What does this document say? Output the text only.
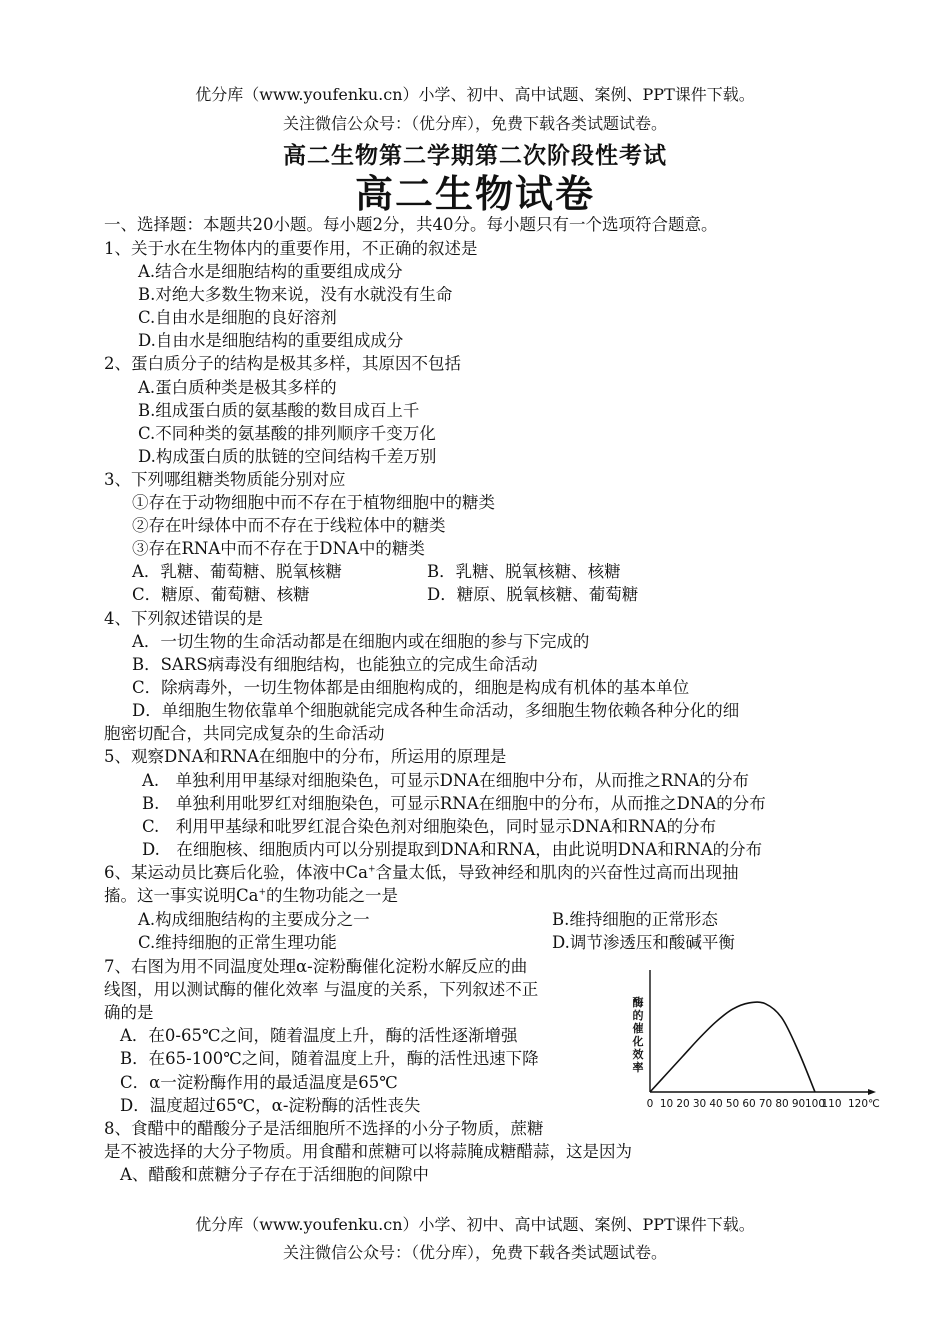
优分库（www.youfenku.cn）小学、初中、高中试题、案例、PPT课件下载。
关注微信公众号：（优分库），免费下载各类试题试卷。
高二生物第二学期第二次阶段性考试
高二生物试卷
一、选择题：本题共20小题。每小题2分，共40分。每小题只有一个选项符合题意。
1、关于水在生物体内的重要作用，不正确的叙述是
A.结合水是细胞结构的重要组成成分
B.对绝大多数生物来说，没有水就没有生命
C.自由水是细胞的良好溶剂
D.自由水是细胞结构的重要组成成分
2、蛋白质分子的结构是极其多样，其原因不包括
A.蛋白质种类是极其多样的
B.组成蛋白质的氨基酸的数目成百上千
C.不同种类的氨基酸的排列顺序千变万化
D.构成蛋白质的肽链的空间结构千差万别
3、下列哪组糖类物质能分别对应
①存在于动物细胞中而不存在于植物细胞中的糖类
②存在叶绿体中而不存在于线粒体中的糖类
③存在RNA中而不存在于DNA中的糖类
A．乳糖、葡萄糖、脱氧核糖	B．乳糖、脱氧核糖、核糖
C．糖原、葡萄糖、核糖	D．糖原、脱氧核糖、葡萄糖
4、下列叙述错误的是
A．一切生物的生命活动都是在细胞内或在细胞的参与下完成的
B．SARS病毒没有细胞结构，也能独立的完成生命活动
C．除病毒外，一切生物体都是由细胞构成的，细胞是构成有机体的基本单位
D．单细胞生物依靠单个细胞就能完成各种生命活动，多细胞生物依赖各种分化的细
胞密切配合，共同完成复杂的生命活动
5、观察DNA和RNA在细胞中的分布，所运用的原理是
A.　单独利用甲基绿对细胞染色，可显示DNA在细胞中分布，从而推之RNA的分布
B.　单独利用吡罗红对细胞染色，可显示RNA在细胞中的分布，从而推之DNA的分布
C.　利用甲基绿和吡罗红混合染色剂对细胞染色，同时显示DNA和RNA的分布
D.　在细胞核、细胞质内可以分别提取到DNA和RNA，由此说明DNA和RNA的分布
6、某运动员比赛后化验，体液中Ca+含量太低，导致神经和肌肉的兴奋性过高而出现抽
搐。这一事实说明Ca+的生物功能之一是
A.构成细胞结构的主要成分之一	B.维持细胞的正常形态
C.维持细胞的正常生理功能	D.调节渗透压和酸碱平衡
7、右图为用不同温度处理α-淀粉酶催化淀粉水解反应的曲
线图，用以测试酶的催化效率 与温度的关系，下列叙述不正
确的是
A．在0-65℃之间，随着温度上升，酶的活性逐渐增强
B．在65-100℃之间，随着温度上升，酶的活性迅速下降
C．α一淀粉酶作用的最适温度是65℃
D．温度超过65℃，α-淀粉酶的活性丧失
8、食醋中的醋酸分子是活细胞所不选择的小分子物质，蔗糖
是不被选择的大分子物质。用食醋和蔗糖可以将蒜腌成糖醋蒜，这是因为
A、醋酸和蔗糖分子存在于活细胞的间隙中
优分库（www.youfenku.cn）小学、初中、高中试题、案例、PPT课件下载。
关注微信公众号：（优分库），免费下载各类试题试卷。
酶
的
催
化
效
率
0 10 20 30 40 50 60 70 80 90 100
110 120℃
